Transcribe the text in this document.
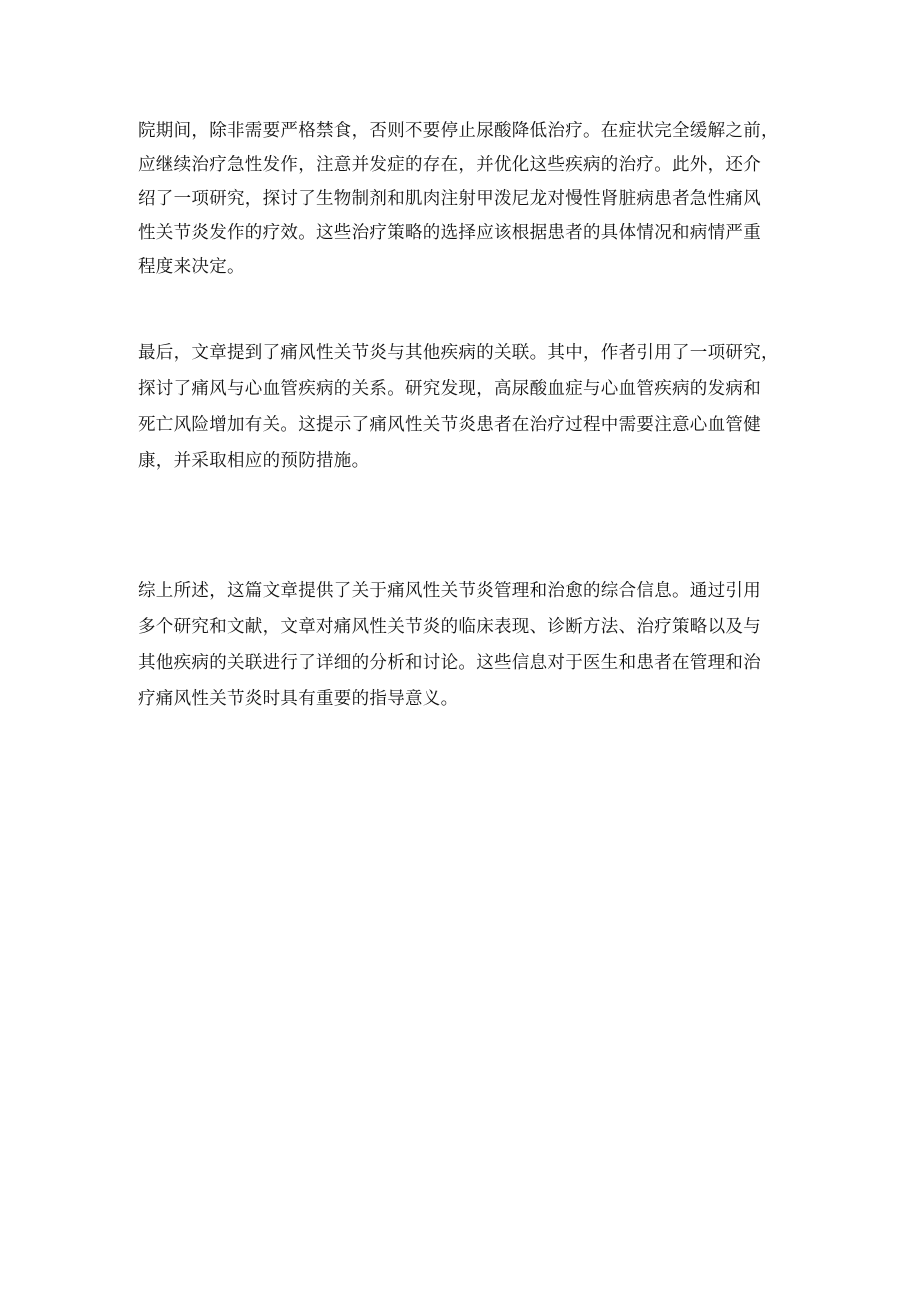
院期间，除非需要严格禁食，否则不要停止尿酸降低治疗。在症状完全缓解之前，
应继续治疗急性发作，注意并发症的存在，并优化这些疾病的治疗。此外，还介
绍了一项研究，探讨了生物制剂和肌肉注射甲泼尼龙对慢性肾脏病患者急性痛风
性关节炎发作的疗效。这些治疗策略的选择应该根据患者的具体情况和病情严重
程度来决定。

最后，文章提到了痛风性关节炎与其他疾病的关联。其中，作者引用了一项研究，
探讨了痛风与心血管疾病的关系。研究发现，高尿酸血症与心血管疾病的发病和
死亡风险增加有关。这提示了痛风性关节炎患者在治疗过程中需要注意心血管健
康，并采取相应的预防措施。

综上所述，这篇文章提供了关于痛风性关节炎管理和治愈的综合信息。通过引用
多个研究和文献，文章对痛风性关节炎的临床表现、诊断方法、治疗策略以及与
其他疾病的关联进行了详细的分析和讨论。这些信息对于医生和患者在管理和治
疗痛风性关节炎时具有重要的指导意义。
